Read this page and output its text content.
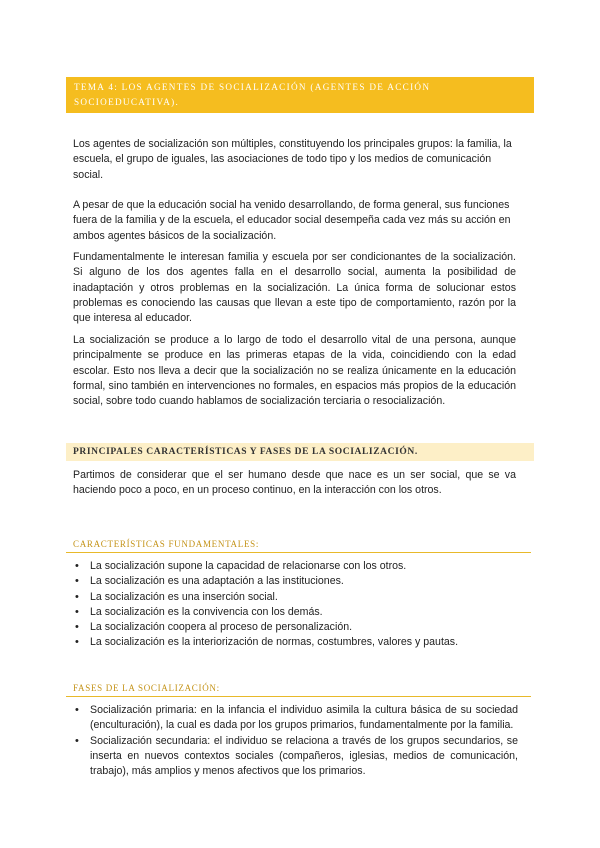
TEMA 4: LOS AGENTES DE SOCIALIZACIÓN (AGENTES DE ACCIÓN SOCIOEDUCATIVA).

Los agentes de socialización son múltiples, constituyendo los principales grupos: la familia, la escuela, el grupo de iguales, las asociaciones de todo tipo y los medios de comunicación social.

A pesar de que la educación social ha venido desarrollando, de forma general, sus funciones fuera de la familia y de la escuela, el educador social desempeña cada vez más su acción en ambos agentes básicos de la socialización.

Fundamentalmente le interesan familia y escuela por ser condicionantes de la socialización. Si alguno de los dos agentes falla en el desarrollo social, aumenta la posibilidad de inadaptación y otros problemas en la socialización. La única forma de solucionar estos problemas es conociendo las causas que llevan a este tipo de comportamiento, razón por la que interesa al educador.

La socialización se produce a lo largo de todo el desarrollo vital de una persona, aunque principalmente se produce en las primeras etapas de la vida, coincidiendo con la edad escolar. Esto nos lleva a decir que la socialización no se realiza únicamente en la educación formal, sino también en intervenciones no formales, en espacios más propios de la educación social, sobre todo cuando hablamos de socialización terciaria o resocialización.

PRINCIPALES CARACTERÍSTICAS Y FASES DE LA SOCIALIZACIÓN.

Partimos de considerar que el ser humano desde que nace es un ser social, que se va haciendo poco a poco, en un proceso continuo, en la interacción con los otros.

CARACTERÍSTICAS FUNDAMENTALES:
• La socialización supone la capacidad de relacionarse con los otros.
• La socialización es una adaptación a las instituciones.
• La socialización es una inserción social.
• La socialización es la convivencia con los demás.
• La socialización coopera al proceso de personalización.
• La socialización es la interiorización de normas, costumbres, valores y pautas.
FASES DE LA SOCIALIZACIÓN:
• Socialización primaria: en la infancia el individuo asimila la cultura básica de su sociedad (enculturación), la cual es dada por los grupos primarios, fundamentalmente por la familia.
• Socialización secundaria: el individuo se relaciona a través de los grupos secundarios, se inserta en nuevos contextos sociales (compañeros, iglesias, medios de comunicación, trabajo), más amplios y menos afectivos que los primarios.
